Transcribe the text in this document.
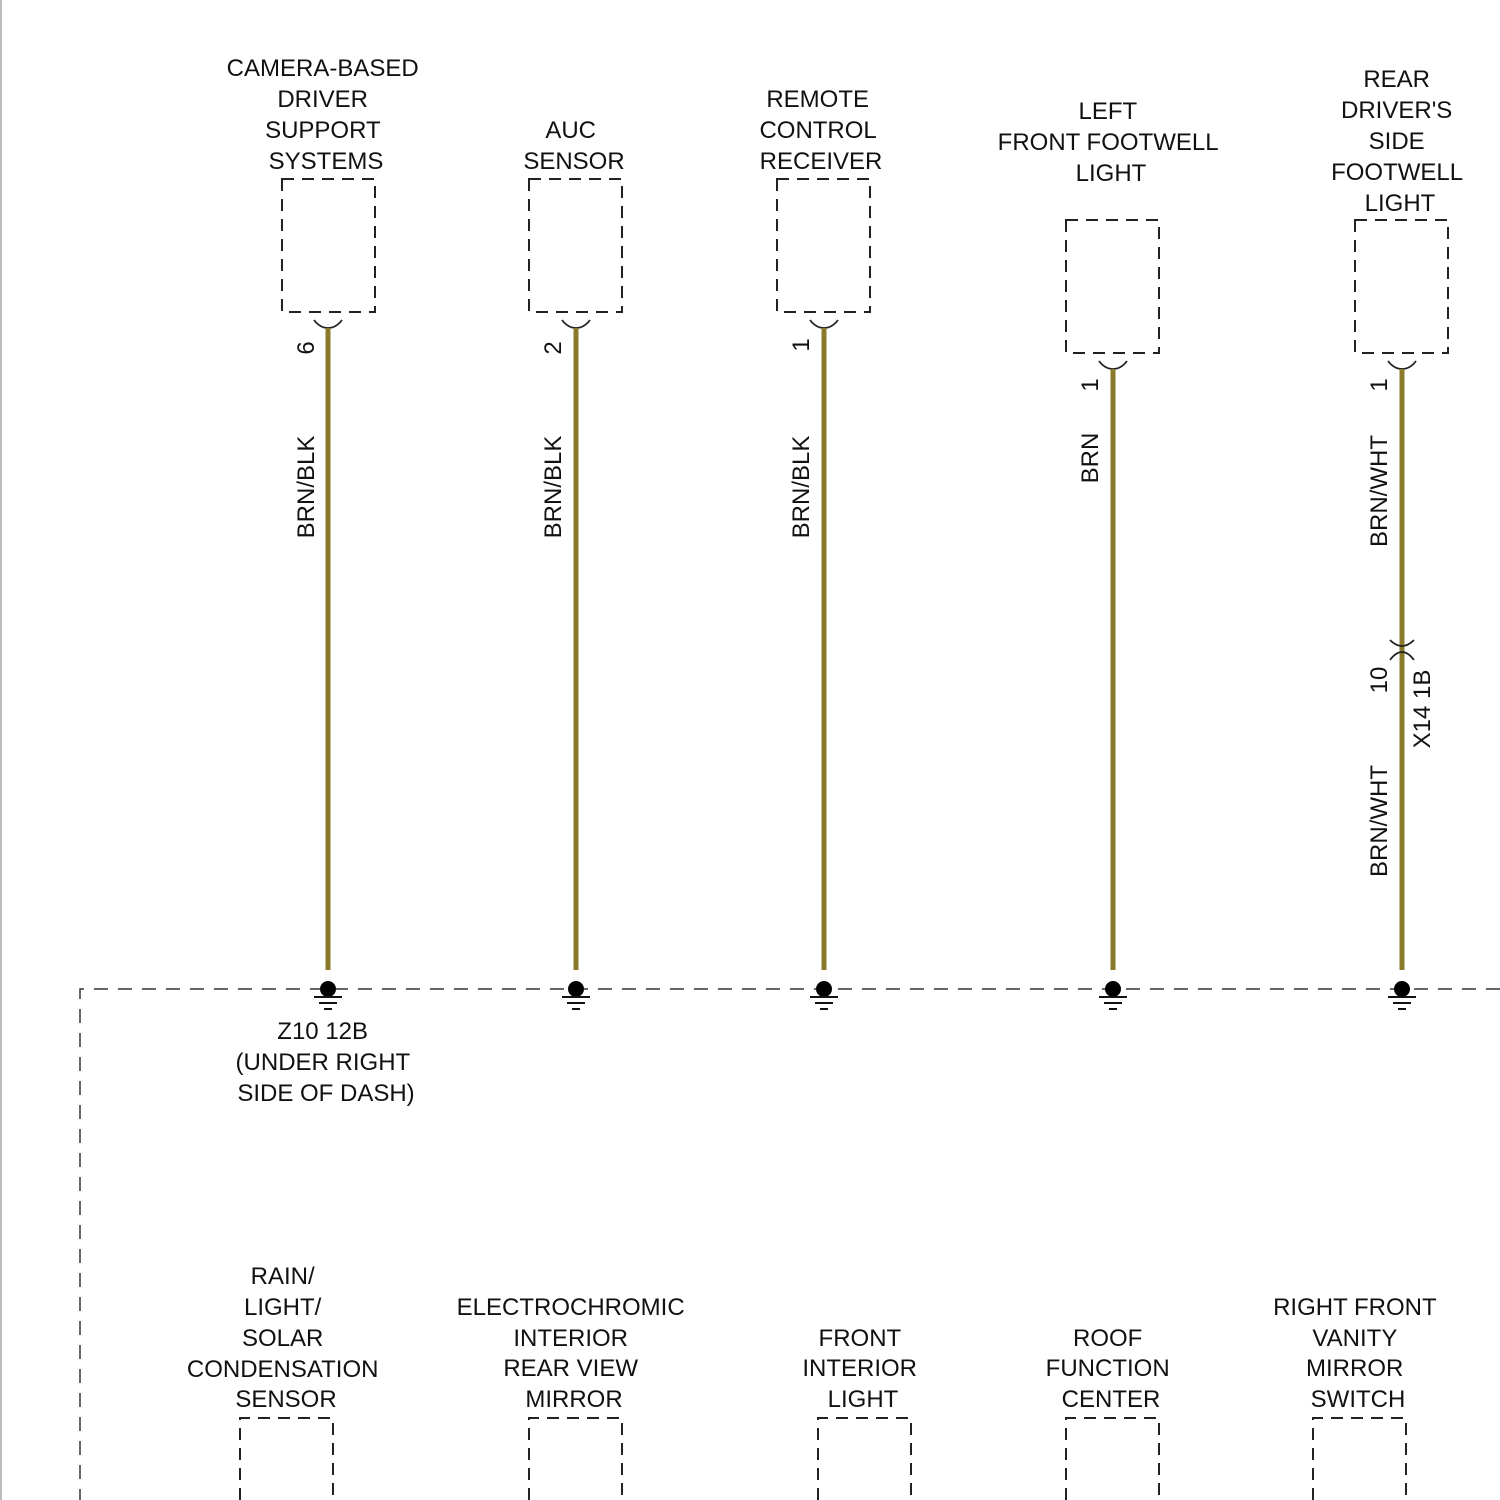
CAMERA-BASED DRIVER SUPPORT SYSTEMS
6
BRN/BLK
AUC SENSOR
2
BRN/BLK
REMOTE CONTROL RECEIVER
1
BRN/BLK
LEFT FRONT FOOTWELL LIGHT
1
BRN
REAR DRIVER'S SIDE FOOTWELL LIGHT
1
BRN/WHT
10 X14 1B
BRN/WHT
Z10 12B (UNDER RIGHT SIDE OF DASH)
RAIN/ LIGHT/ SOLAR CONDENSATION SENSOR
ELECTROCHROMIC INTERIOR REAR VIEW MIRROR
FRONT INTERIOR LIGHT
ROOF FUNCTION CENTER
RIGHT FRONT VANITY MIRROR SWITCH
